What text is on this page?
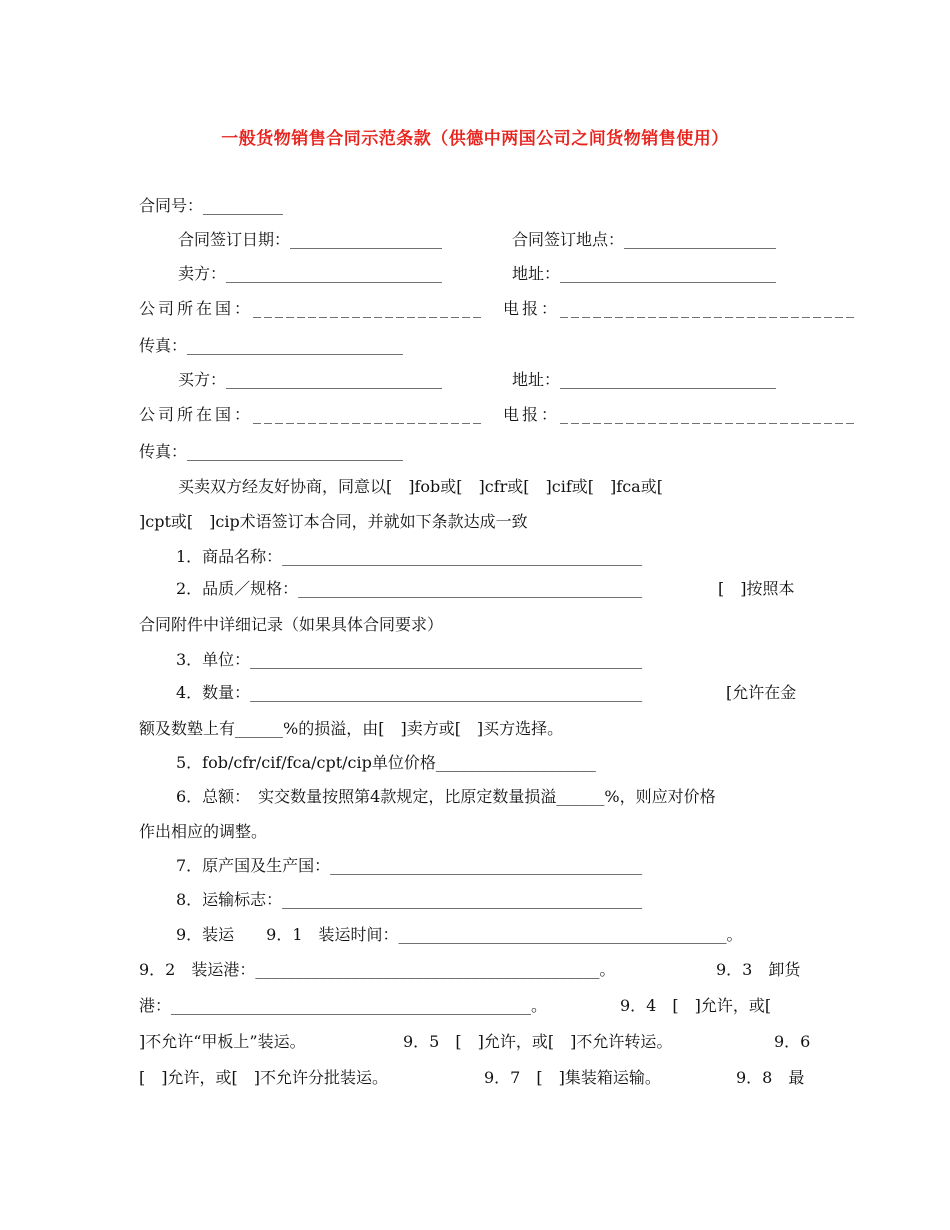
一般货物销售合同示范条款（供德中两国公司之间货物销售使用）
合同号：__________
合同签订日期：___________________	合同签订地点：___________________
卖方：___________________________	地址：___________________________
公司所在国：_____________________ 电报：___________________________
传真：___________________________
买方：___________________________	地址：___________________________
公司所在国：_____________________ 电报：___________________________
传真：___________________________
买卖双方经友好协商，同意以[　]fob或[　]cfr或[　]cif或[　]fca或[
]cpt或[　]cip术语签订本合同，并就如下条款达成一致
1．商品名称：_____________________________________________
2．品质／规格：___________________________________________	[　]按照本
合同附件中详细记录（如果具体合同要求）
3．单位：_________________________________________________
4．数量：_________________________________________________	[允许在金
额及数塾上有______%的损溢，由[　]卖方或[　]买方选择。
5．fob/cfr/cif/fca/cpt/cip单位价格____________________
6．总额：　实交数量按照第4款规定，比原定数量损溢______%，则应对价格
作出相应的调整。
7．原产国及生产国：_______________________________________
8．运输标志：_____________________________________________
9．装运　　9．1　装运时间：_________________________________________。
9．2　装运港：___________________________________________。	9．3　卸货
港：_____________________________________________。	9．4　[　]允许，或[
]不允许“甲板上”装运。	9．5　[　]允许，或[　]不允许转运。	9．6
[　]允许，或[　]不允许分批装运。	9．7　[　]集装箱运输。	9．8　最
